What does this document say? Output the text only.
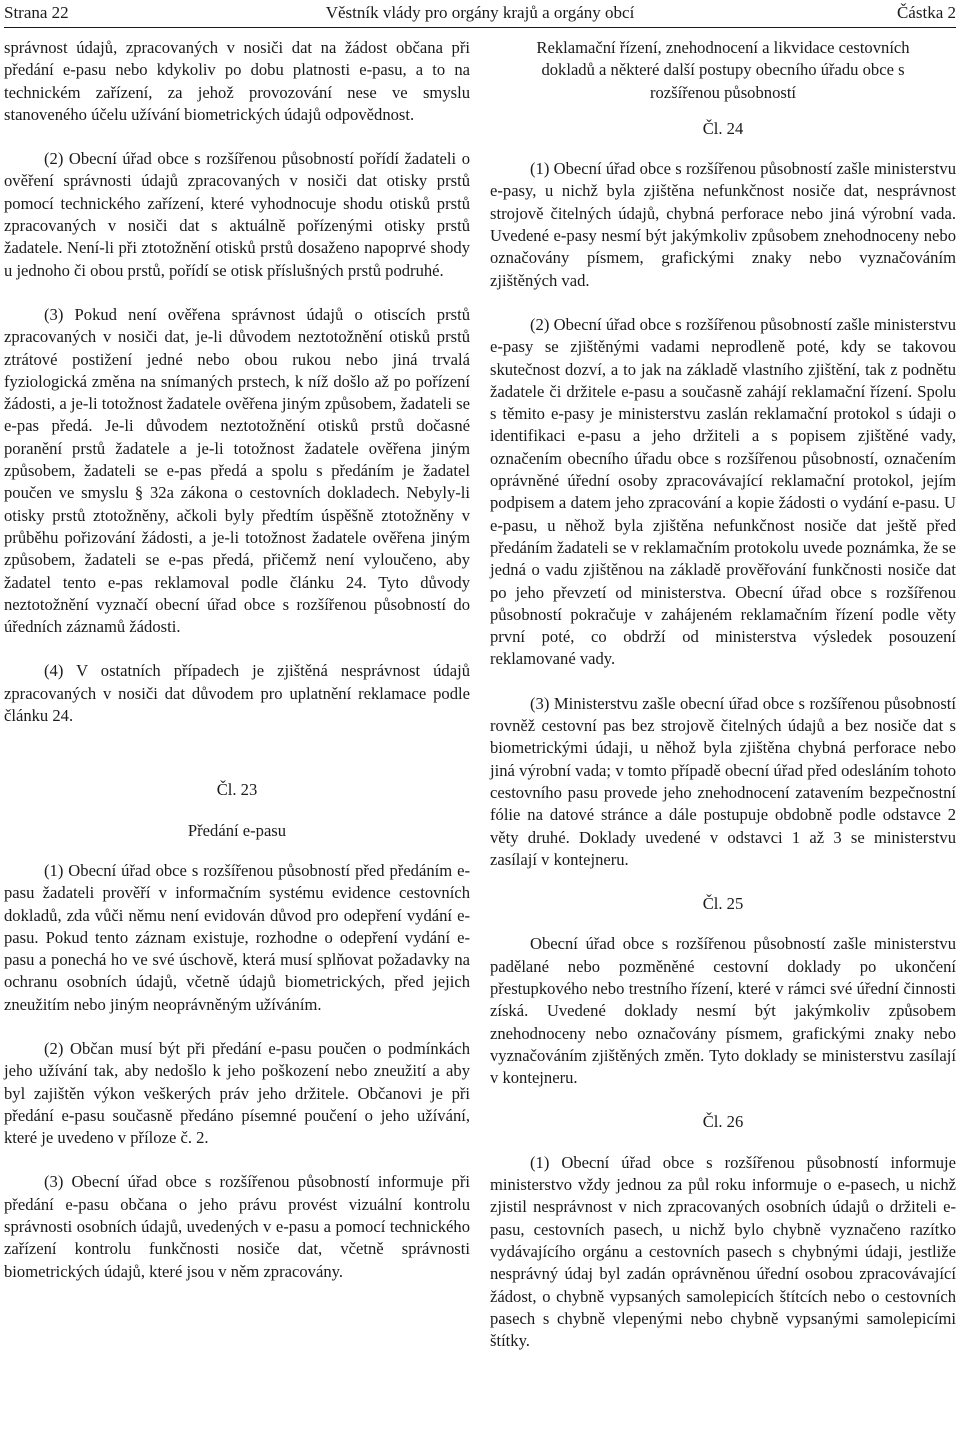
Věstník vlády pro orgány krajů a orgány obcí
Strana 22	Částka 2

správnost údajů, zpracovaných v nosiči dat na žádost občana při předání e-pasu nebo kdykoliv po dobu platnosti e-pasu, a to na technickém zařízení, za jehož provozování nese ve smyslu stanoveného účelu užívání biometrických údajů odpovědnost.

(2) Obecní úřad obce s rozšířenou působností pořídí žadateli o ověření správnosti údajů zpracovaných v nosiči dat otisky prstů pomocí technického zařízení, které vyhodnocuje shodu otisků prstů zpracovaných v nosiči dat s aktuálně pořízenými otisky prstů žadatele. Není-li při ztotožnění otisků prstů dosaženo napoprvé shody u jednoho či obou prstů, pořídí se otisk příslušných prstů podruhé.

(3) Pokud není ověřena správnost údajů o otiscích prstů zpracovaných v nosiči dat, je-li důvodem neztotožnění otisků prstů ztrátové postižení jedné nebo obou rukou nebo jiná trvalá fyziologická změna na snímaných prstech, k níž došlo až po pořízení žádosti, a je-li totožnost žadatele ověřena jiným způsobem, žadateli se e-pas předá. Je-li důvodem neztotožnění otisků prstů dočasné poranění prstů žadatele a je-li totožnost žadatele ověřena jiným způsobem, žadateli se e-pas předá a spolu s předáním je žadatel poučen ve smyslu § 32a zákona o cestovních dokladech. Nebyly-li otisky prstů ztotožněny, ačkoli byly předtím úspěšně ztotožněny v průběhu pořizování žádosti, a je-li totožnost žadatele ověřena jiným způsobem, žadateli se e-pas předá, přičemž není vyloučeno, aby žadatel tento e-pas reklamoval podle článku 24. Tyto důvody neztotožnění vyznačí obecní úřad obce s rozšířenou působností do úředních záznamů žádosti.

(4) V ostatních případech je zjištěná nesprávnost údajů zpracovaných v nosiči dat důvodem pro uplatnění reklamace podle článku 24.

Čl. 23
Předání e-pasu

(1) Obecní úřad obce s rozšířenou působností před předáním e-pasu žadateli prověří v informačním systému evidence cestovních dokladů, zda vůči němu není evidován důvod pro odepření vydání e-pasu. Pokud tento záznam existuje, rozhodne o odepření vydání e-pasu a ponechá ho ve své úschově, která musí splňovat požadavky na ochranu osobních údajů, včetně údajů biometrických, před jejich zneužitím nebo jiným neoprávněným užíváním.

(2) Občan musí být při předání e-pasu poučen o podmínkách jeho užívání tak, aby nedošlo k jeho poškození nebo zneužití a aby byl zajištěn výkon veškerých práv jeho držitele. Občanovi je při předání e-pasu současně předáno písemné poučení o jeho užívání, které je uvedeno v příloze č. 2.

(3) Obecní úřad obce s rozšířenou působností informuje při předání e-pasu občana o jeho právu provést vizuální kontrolu správnosti osobních údajů, uvedených v e-pasu a pomocí technického zařízení kontrolu funkčnosti nosiče dat, včetně správnosti biometrických údajů, které jsou v něm zpracovány.

Reklamační řízení, znehodnocení a likvidace cestovních dokladů a některé další postupy obecního úřadu obce s rozšířenou působností
Čl. 24

(1) Obecní úřad obce s rozšířenou působností zašle ministerstvu e-pasy, u nichž byla zjištěna nefunkčnost nosiče dat, nesprávnost strojově čitelných údajů, chybná perforace nebo jiná výrobní vada. Uvedené e-pasy nesmí být jakýmkoliv způsobem znehodnoceny nebo označovány písmem, grafickými znaky nebo vyznačováním zjištěných vad.

(2) Obecní úřad obce s rozšířenou působností zašle ministerstvu e-pasy se zjištěnými vadami neprodleně poté, kdy se takovou skutečnost dozví, a to jak na základě vlastního zjištění, tak z podnětu žadatele či držitele e-pasu a současně zahájí reklamační řízení. Spolu s těmito e-pasy je ministerstvu zaslán reklamační protokol s údaji o identifikaci e-pasu a jeho držiteli a s popisem zjištěné vady, označením obecního úřadu obce s rozšířenou působností, označením oprávněné úřední osoby zpracovávající reklamační protokol, jejím podpisem a datem jeho zpracování a kopie žádosti o vydání e-pasu. U e-pasu, u něhož byla zjištěna nefunkčnost nosiče dat ještě před předáním žadateli se v reklamačním protokolu uvede poznámka, že se jedná o vadu zjištěnou na základě prověřování funkčnosti nosiče dat po jeho převzetí od ministerstva. Obecní úřad obce s rozšířenou působností pokračuje v zahájeném reklamačním řízení podle věty první poté, co obdrží od ministerstva výsledek posouzení reklamované vady.

(3) Ministerstvu zašle obecní úřad obce s rozšířenou působností rovněž cestovní pas bez strojově čitelných údajů a bez nosiče dat s biometrickými údaji, u něhož byla zjištěna chybná perforace nebo jiná výrobní vada; v tomto případě obecní úřad před odesláním tohoto cestovního pasu provede jeho znehodnocení zatavením bezpečnostní fólie na datové stránce a dále postupuje obdobně podle odstavce 2 věty druhé. Doklady uvedené v odstavci 1 až 3 se ministerstvu zasílají v kontejneru.

Čl. 25

Obecní úřad obce s rozšířenou působností zašle ministerstvu padělané nebo pozměněné cestovní doklady po ukončení přestupkového nebo trestního řízení, které v rámci své úřední činnosti získá. Uvedené doklady nesmí být jakýmkoliv způsobem znehodnoceny nebo označovány písmem, grafickými znaky nebo vyznačováním zjištěných změn. Tyto doklady se ministerstvu zasílají v kontejneru.

Čl. 26

(1) Obecní úřad obce s rozšířenou působností informuje ministerstvo vždy jednou za půl roku informuje o e-pasech, u nichž zjistil nesprávnost v nich zpracovaných osobních údajů o držiteli e-pasu, cestovních pasech, u nichž bylo chybně vyznačeno razítko vydávajícího orgánu a cestovních pasech s chybnými údaji, jestliže nesprávný údaj byl zadán oprávněnou úřední osobou zpracovávající žádost, o chybně vypsaných samolepicích štítcích nebo o cestovních pasech s chybně vlepenými nebo chybně vypsanými samolepicími štítky.
